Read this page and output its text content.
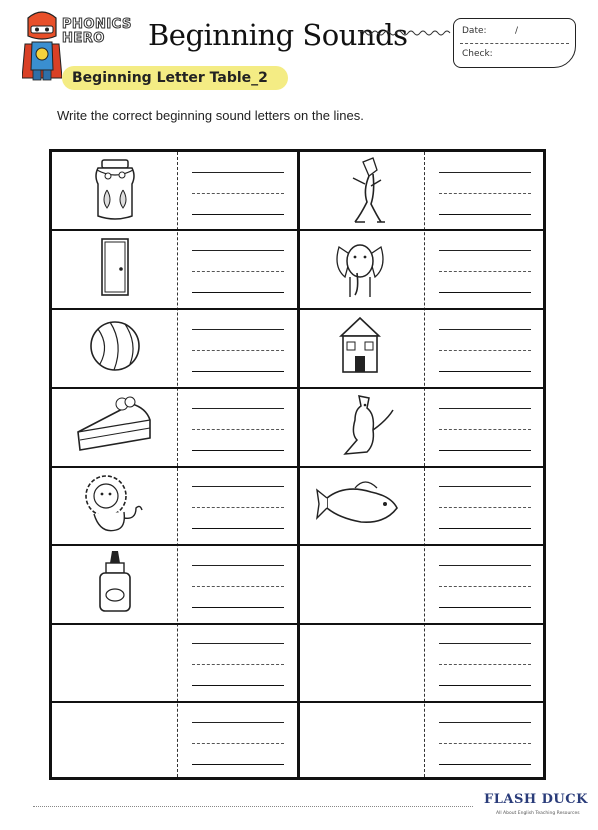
PHONICS
HERO	Beginning Sounds	Date:	/
Check:
Beginning Letter Table_2
Write the correct beginning sound letters on the lines.
FLASH DUCK
All About English Teaching Resources
